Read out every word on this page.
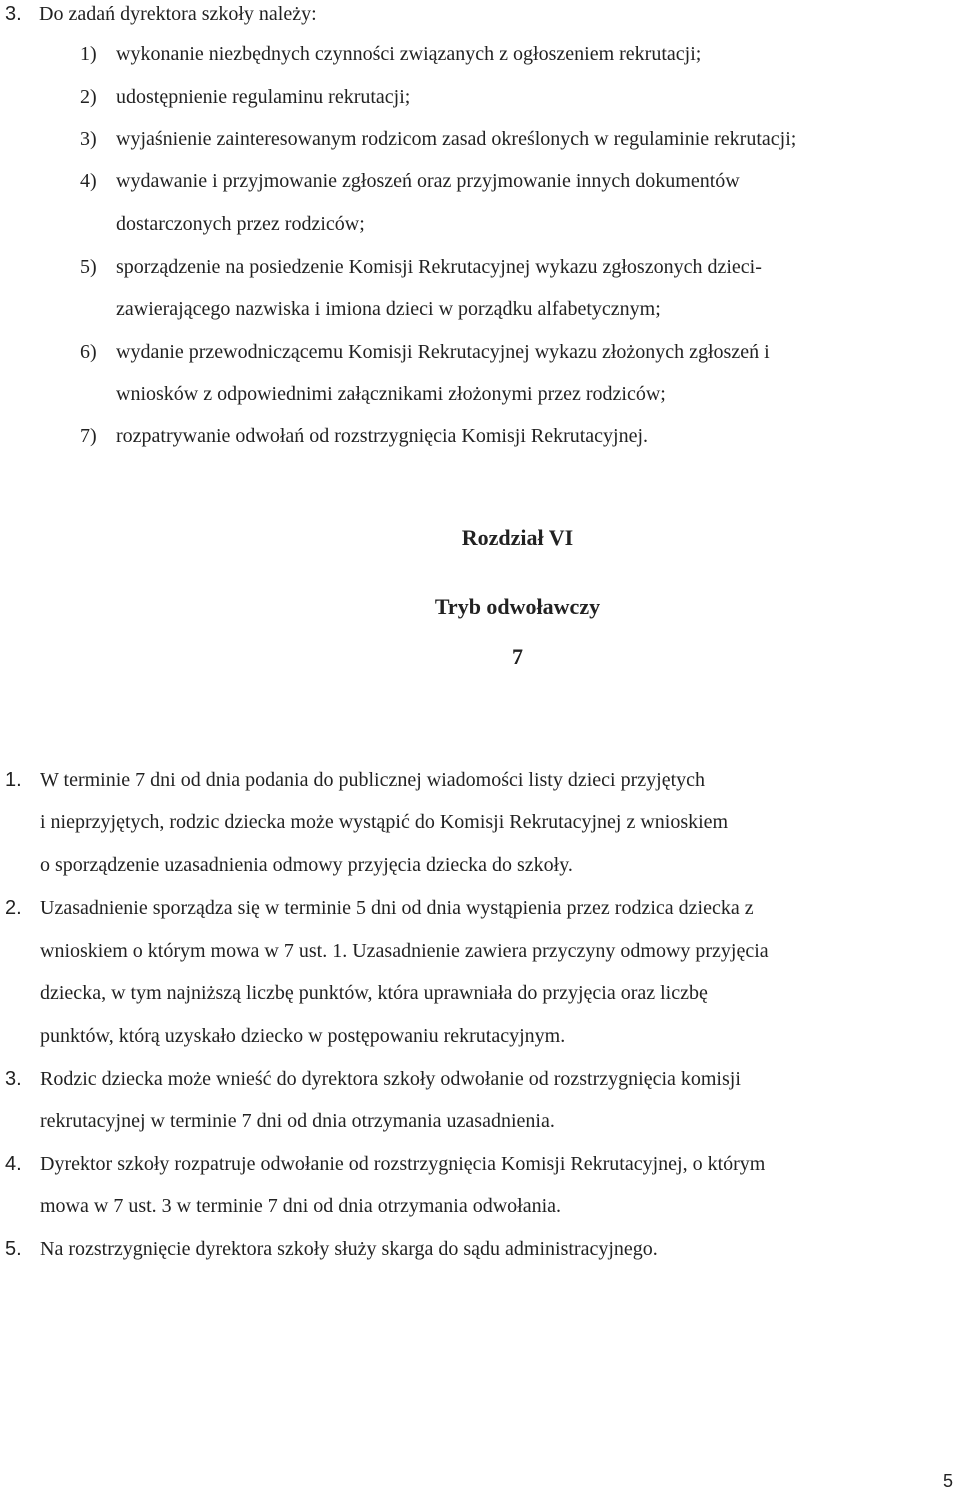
3. Do zadań dyrektora szkoły należy:
1) wykonanie niezbędnych czynności związanych z ogłoszeniem rekrutacji;
2) udostępnienie regulaminu rekrutacji;
3) wyjaśnienie zainteresowanym rodzicom zasad określonych w regulaminie rekrutacji;
4) wydawanie i przyjmowanie zgłoszeń oraz przyjmowanie innych dokumentów
dostarczonych przez rodziców;
5) sporządzenie na posiedzenie Komisji Rekrutacyjnej wykazu zgłoszonych dzieci-
zawierającego nazwiska i imiona dzieci w porządku alfabetycznym;
6) wydanie przewodniczącemu Komisji Rekrutacyjnej wykazu złożonych zgłoszeń i
wniosków z odpowiednimi załącznikami złożonymi przez rodziców;
7) rozpatrywanie odwołań od rozstrzygnięcia Komisji Rekrutacyjnej.
Rozdział VI
Tryb odwoławczy
7
1. W terminie 7 dni od dnia podania do publicznej wiadomości listy dzieci przyjętych
i nieprzyjętych, rodzic dziecka może wystąpić do Komisji Rekrutacyjnej z wnioskiem
o sporządzenie uzasadnienia odmowy przyjęcia dziecka do szkoły.
2. Uzasadnienie sporządza się w terminie 5 dni od dnia wystąpienia przez rodzica dziecka z
wnioskiem o którym mowa w 7 ust. 1. Uzasadnienie zawiera przyczyny odmowy przyjęcia
dziecka, w tym najniższą liczbę punktów, która uprawniała do przyjęcia oraz liczbę
punktów, którą uzyskało dziecko w postępowaniu rekrutacyjnym.
3. Rodzic dziecka może wnieść do dyrektora szkoły odwołanie od rozstrzygnięcia komisji
rekrutacyjnej w terminie 7 dni od dnia otrzymania uzasadnienia.
4. Dyrektor szkoły rozpatruje odwołanie od rozstrzygnięcia Komisji Rekrutacyjnej, o którym
mowa w 7 ust. 3 w terminie 7 dni od dnia otrzymania odwołania.
5. Na rozstrzygnięcie dyrektora szkoły służy skarga do sądu administracyjnego.
5
